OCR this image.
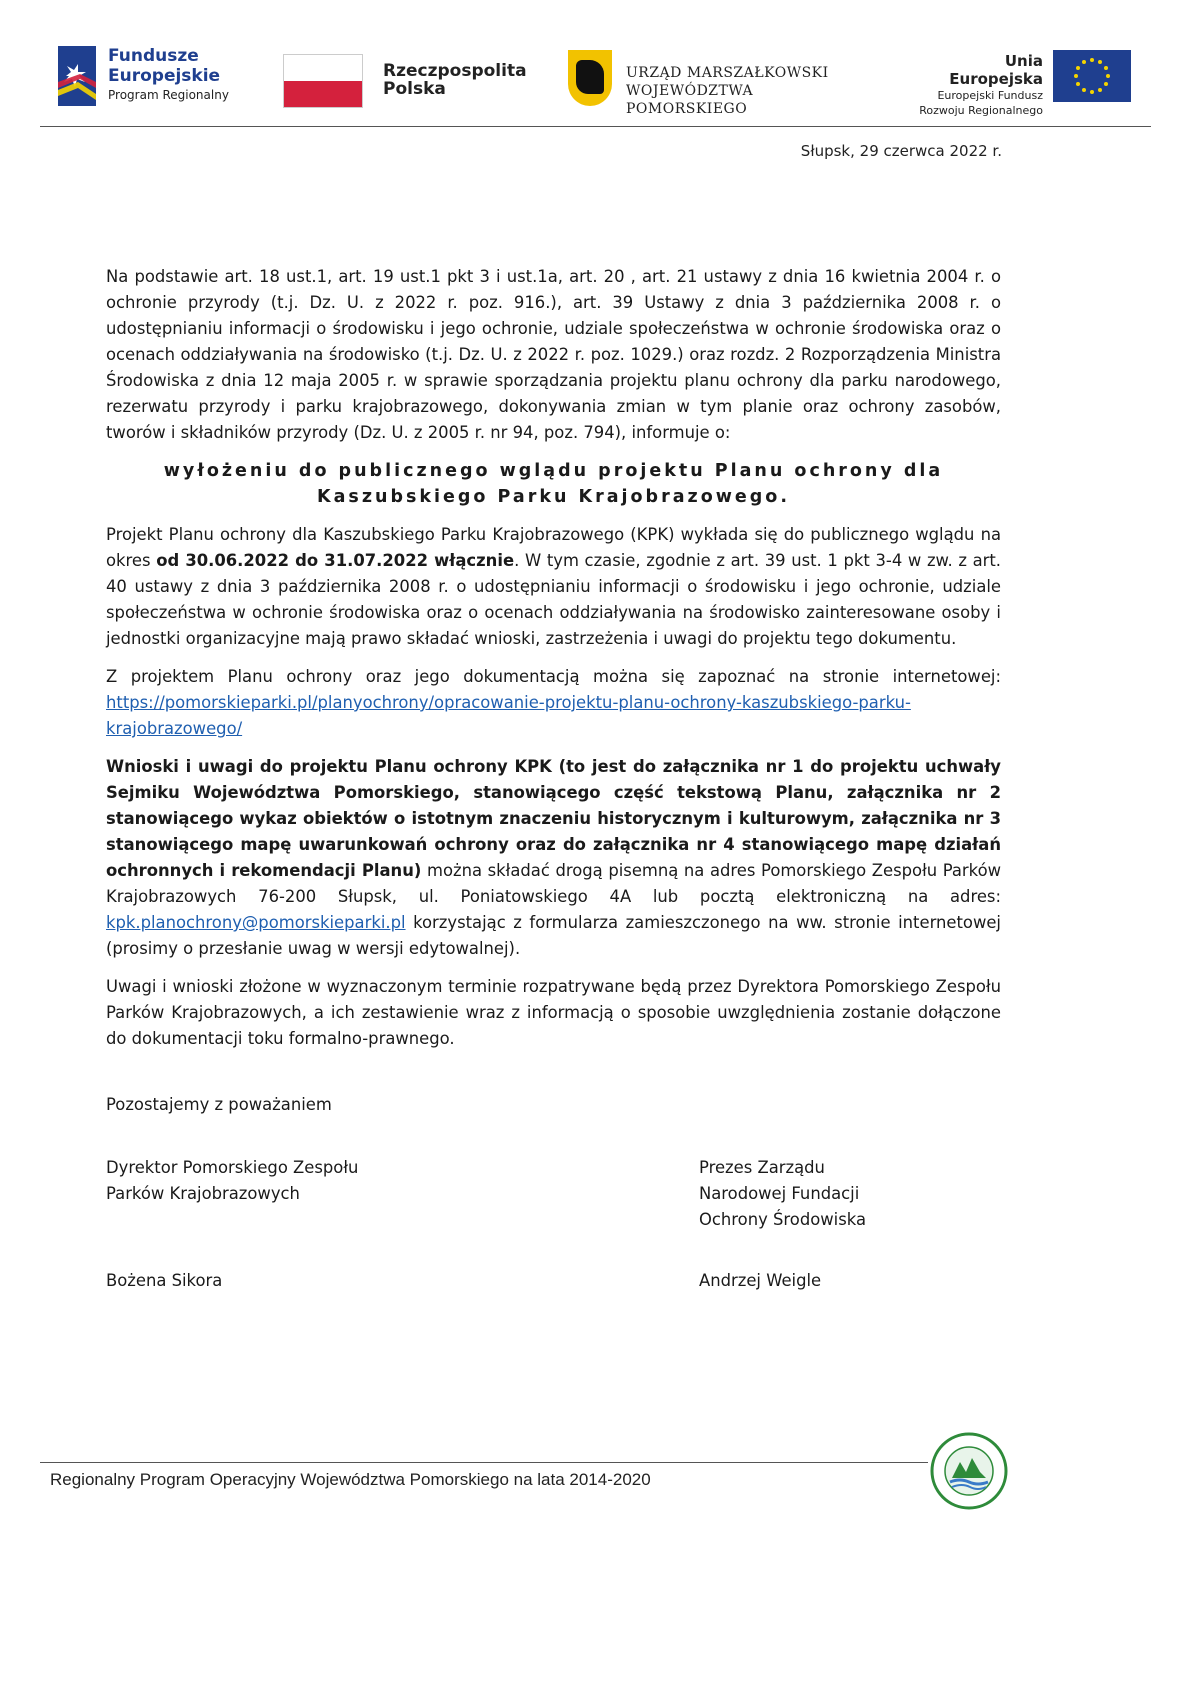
Fundusze
Europejskie
Program Regionalny
Rzeczpospolita
Polska
URZĄD MARSZAŁKOWSKI
WOJEWÓDZTWA POMORSKIEGO
Unia Europejska
Europejski Fundusz
Rozwoju Regionalnego
Słupsk, 29 czerwca 2022 r.

Na podstawie art. 18 ust.1, art. 19 ust.1 pkt 3 i ust.1a, art. 20 , art. 21 ustawy z dnia 16 kwietnia 2004 r. o ochronie przyrody (t.j. Dz. U. z 2022 r. poz. 916.), art. 39 Ustawy z dnia 3 października 2008 r. o udostępnianiu informacji o środowisku i jego ochronie, udziale społeczeństwa w ochronie środowiska oraz o ocenach oddziaływania na środowisko (t.j. Dz. U. z 2022 r. poz. 1029.) oraz rozdz. 2 Rozporządzenia Ministra Środowiska z dnia 12 maja 2005 r. w sprawie sporządzania projektu planu ochrony dla parku narodowego, rezerwatu przyrody i parku krajobrazowego, dokonywania zmian w tym planie oraz ochrony zasobów, tworów i składników przyrody (Dz. U. z 2005 r. nr 94, poz. 794), informuje o:

wyłożeniu do publicznego wglądu projektu Planu ochrony dla Kaszubskiego Parku Krajobrazowego.

Projekt Planu ochrony dla Kaszubskiego Parku Krajobrazowego (KPK) wykłada się do publicznego wglądu na okres od 30.06.2022 do 31.07.2022 włącznie. W tym czasie, zgodnie z art. 39 ust. 1 pkt 3-4 w zw. z art. 40 ustawy z dnia 3 października 2008 r. o udostępnianiu informacji o środowisku i jego ochronie, udziale społeczeństwa w ochronie środowiska oraz o ocenach oddziaływania na środowisko zainteresowane osoby i jednostki organizacyjne mają prawo składać wnioski, zastrzeżenia i uwagi do projektu tego dokumentu.

Z projektem Planu ochrony oraz jego dokumentacją można się zapoznać na stronie internetowej: https://pomorskieparki.pl/planyochrony/opracowanie-projektu-planu-ochrony-kaszubskiego-parku-krajobrazowego/

Wnioski i uwagi do projektu Planu ochrony KPK (to jest do załącznika nr 1 do projektu uchwały Sejmiku Województwa Pomorskiego, stanowiącego część tekstową Planu, załącznika nr 2 stanowiącego wykaz obiektów o istotnym znaczeniu historycznym i kulturowym, załącznika nr 3 stanowiącego mapę uwarunkowań ochrony oraz do załącznika nr 4 stanowiącego mapę działań ochronnych i rekomendacji Planu) można składać drogą pisemną na adres Pomorskiego Zespołu Parków Krajobrazowych 76-200 Słupsk, ul. Poniatowskiego 4A lub pocztą elektroniczną na adres: kpk.planochrony@pomorskieparki.pl korzystając z formularza zamieszczonego na ww. stronie internetowej (prosimy o przesłanie uwag w wersji edytowalnej).

Uwagi i wnioski złożone w wyznaczonym terminie rozpatrywane będą przez Dyrektora Pomorskiego Zespołu Parków Krajobrazowych, a ich zestawienie wraz z informacją o sposobie uwzględnienia zostanie dołączone do dokumentacji toku formalno-prawnego.

Pozostajemy z poważaniem
Dyrektor Pomorskiego Zespołu
Parków Krajobrazowych
Prezes Zarządu
Narodowej Fundacji
Ochrony Środowiska
Bożena Sikora	Andrzej Weigle
Regionalny Program Operacyjny Województwa Pomorskiego na lata 2014-2020
